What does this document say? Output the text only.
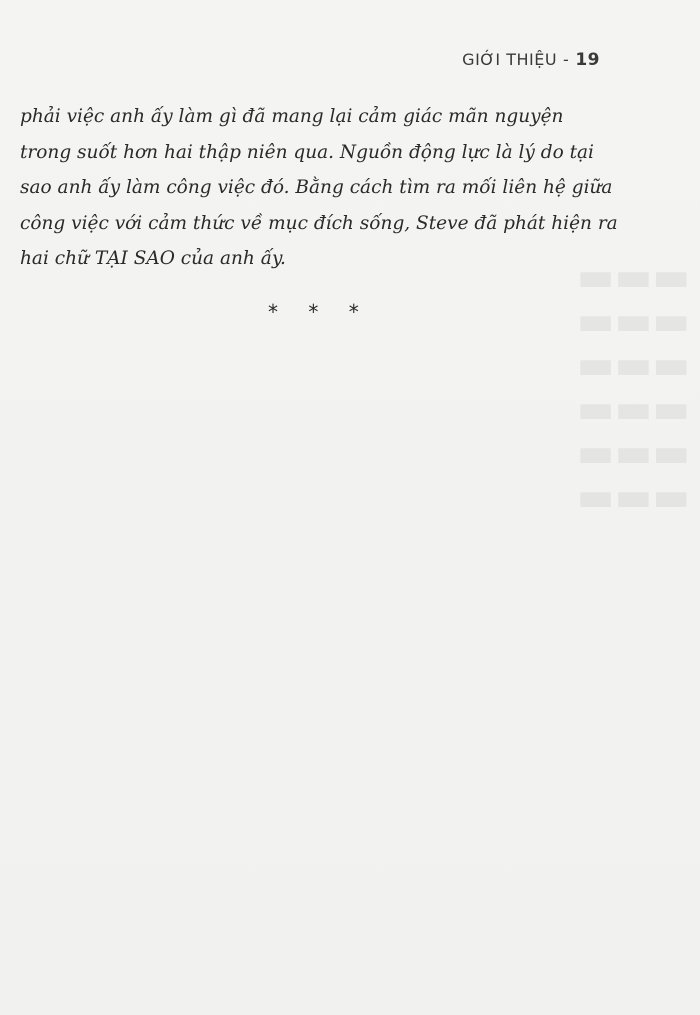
▬▬▬
▬▬▬
▬▬▬
▬▬▬
▬▬▬
▬▬▬
GIỚI THIỆU - 19
phải việc anh ấy làm gì đã mang lại cảm giác mãn nguyện
trong suốt hơn hai thập niên qua. Nguồn động lực là lý do tại
sao anh ấy làm công việc đó. Bằng cách tìm ra mối liên hệ giữa
công việc với cảm thức về mục đích sống, Steve đã phát hiện ra
hai chữ TẠI SAO của anh ấy.
* * *
